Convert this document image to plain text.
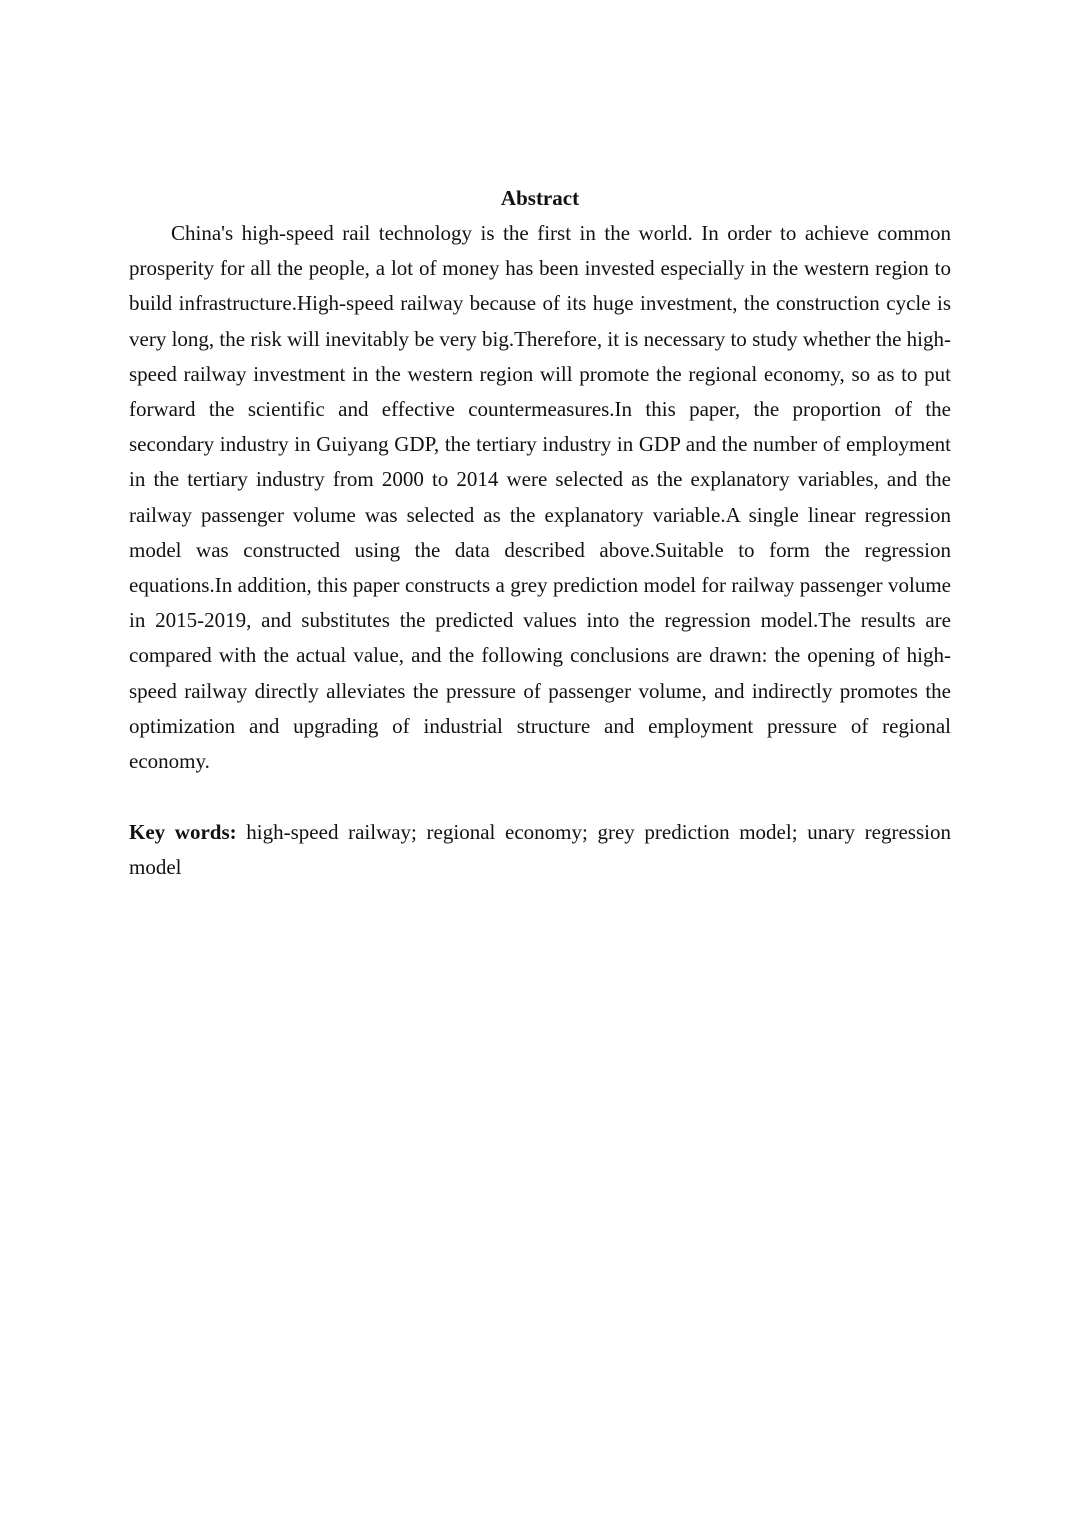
Abstract

China's high-speed rail technology is the first in the world. In order to achieve common prosperity for all the people, a lot of money has been invested especially in the western region to build infrastructure.High-speed railway because of its huge investment, the construction cycle is very long, the risk will inevitably be very big.Therefore, it is necessary to study whether the high-speed railway investment in the western region will promote the regional economy, so as to put forward the scientific and effective countermeasures.In this paper, the proportion of the secondary industry in Guiyang GDP, the tertiary industry in GDP and the number of employment in the tertiary industry from 2000 to 2014 were selected as the explanatory variables, and the railway passenger volume was selected as the explanatory variable.A single linear regression model was constructed using the data described above.Suitable to form the regression equations.In addition, this paper constructs a grey prediction model for railway passenger volume in 2015-2019, and substitutes the predicted values into the regression model.The results are compared with the actual value, and the following conclusions are drawn: the opening of high-speed railway directly alleviates the pressure of passenger volume, and indirectly promotes the optimization and upgrading of industrial structure and employment pressure of regional economy.

Key words: high-speed railway; regional economy; grey prediction model; unary regression model
